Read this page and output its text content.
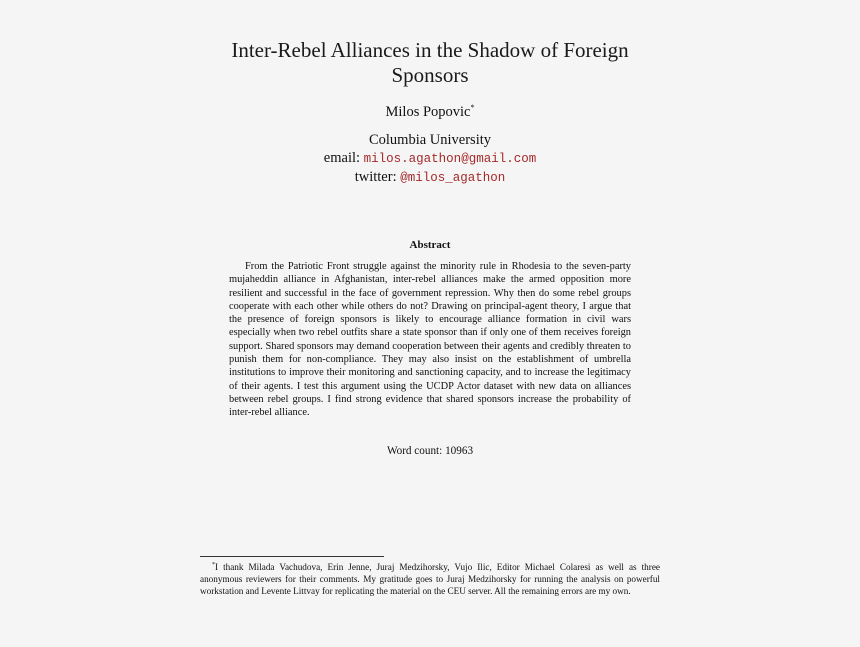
Inter-Rebel Alliances in the Shadow of Foreign Sponsors
Milos Popovic*
Columbia University
email: milos.agathon@gmail.com
twitter: @milos_agathon
Abstract
From the Patriotic Front struggle against the minority rule in Rhodesia to the seven-party mujaheddin alliance in Afghanistan, inter-rebel alliances make the armed opposition more resilient and successful in the face of government repression. Why then do some rebel groups cooperate with each other while others do not? Drawing on principal-agent theory, I argue that the presence of foreign sponsors is likely to encourage alliance formation in civil wars especially when two rebel outfits share a state sponsor than if only one of them receives foreign support. Shared sponsors may demand cooperation between their agents and credibly threaten to punish them for non-compliance. They may also insist on the establishment of umbrella institutions to improve their monitoring and sanctioning capacity, and to increase the legitimacy of their agents. I test this argument using the UCDP Actor dataset with new data on alliances between rebel groups. I find strong evidence that shared sponsors increase the probability of inter-rebel alliance.
Word count: 10963
*I thank Milada Vachudova, Erin Jenne, Juraj Medzihorsky, Vujo Ilic, Editor Michael Colaresi as well as three anonymous reviewers for their comments. My gratitude goes to Juraj Medzihorsky for running the analysis on powerful workstation and Levente Littvay for replicating the material on the CEU server. All the remaining errors are my own.
